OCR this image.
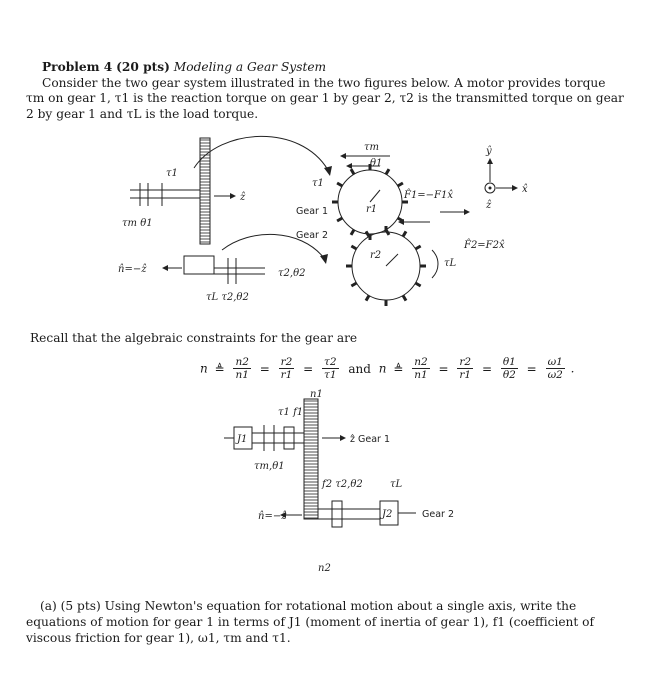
Problem 4 (20 pts) Modeling a Gear System

Consider the two gear system illustrated in the two figures below. A motor provides torque τm on gear 1, τ1 is the reaction torque on gear 1 by gear 2, τ2 is the transmitted torque on gear 2 by gear 1 and τL is the load torque.

ẑ
n̂=−ẑ
τm θ1
τ1
τL τ2,θ2
r1
Gear 1
τ1
τm
θ1
r2
Gear 2
τ2,θ2
τL
F̂1=−F1x̂
F̂2=F2x̂
ŷ
x̂
ẑ
Recall that the algebraic constraints for the gear are
n ≜ $\frac{n2}{n1} = \frac{r2}{r1} = \frac{\tau 2}{\tau 1}$ and n ≜ $\frac{n2}{n1} = \frac{r2}{r1} = \frac{\theta 1}{\theta 2} = \frac{\omega 1}{\omega 2}$ .
J1
τ1 f1
n1
ẑ Gear 1
τm,θ1
n̂=−ẑ	J2
f2 τ2,θ2	τL
Gear 2
n2

(a) (5 pts) Using Newton's equation for rotational motion about a single axis, write the equations of motion for gear 1 in terms of J1 (moment of inertia of gear 1), f1 (coefficient of viscous friction for gear 1), ω1, τm and τ1.
